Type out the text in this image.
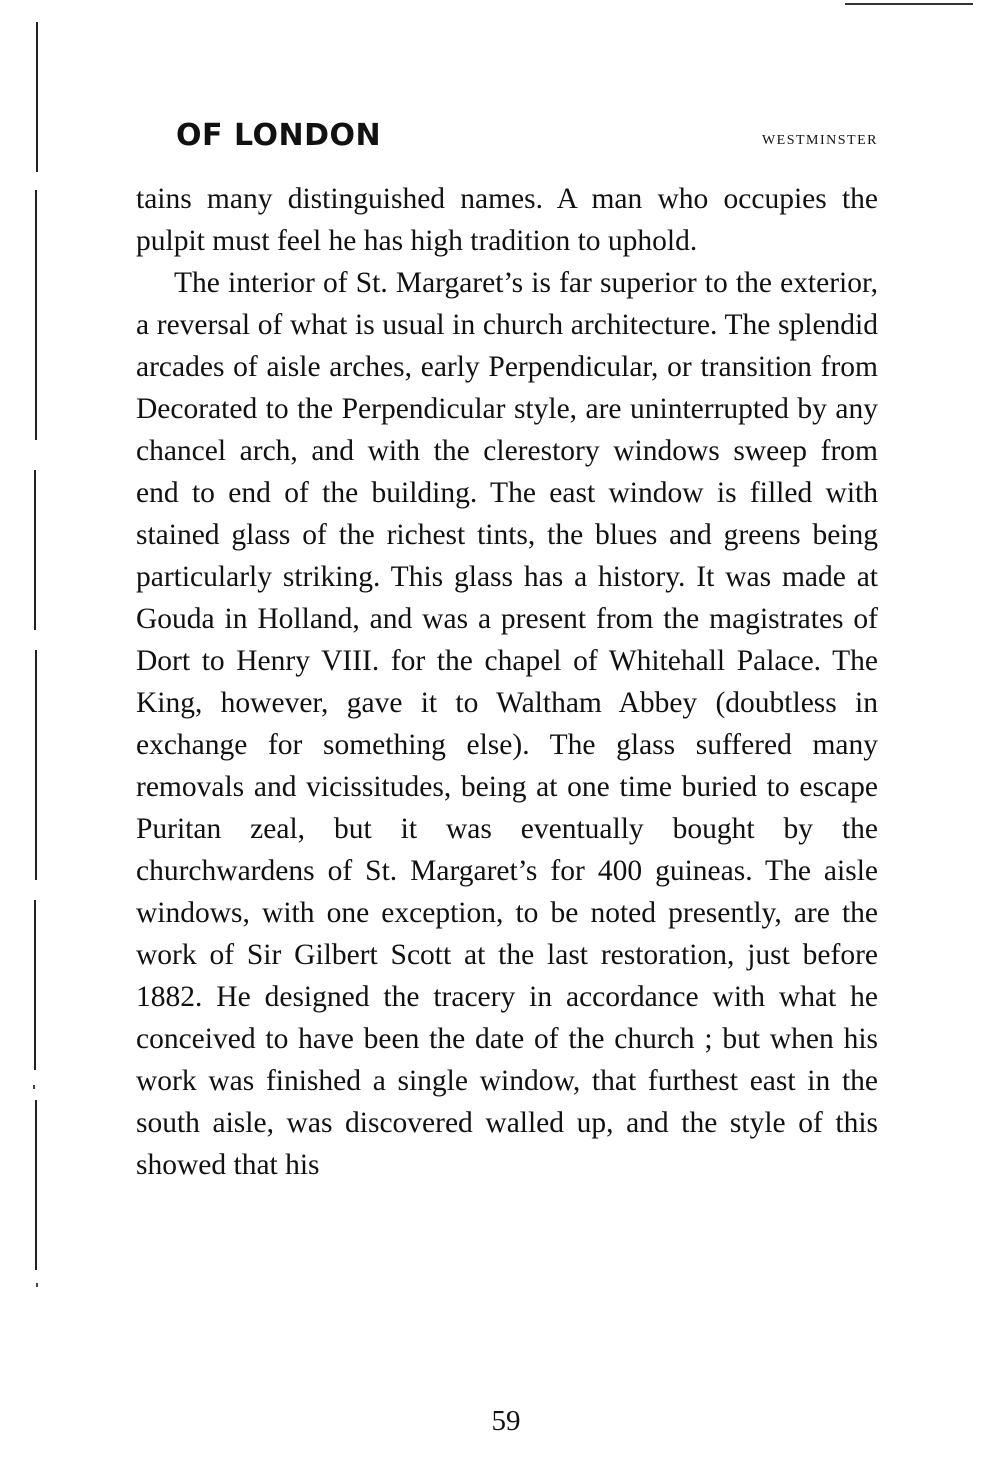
OF LONDON	WESTMINSTER

tains many distinguished names. A man who occupies the pulpit must feel he has high tradition to uphold.

The interior of St. Margaret’s is far superior to the exterior, a reversal of what is usual in church architecture. The splendid arcades of aisle arches, early Perpendicular, or transition from Decorated to the Perpendicular style, are uninterrupted by any chancel arch, and with the clerestory windows sweep from end to end of the building. The east window is filled with stained glass of the richest tints, the blues and greens being particularly striking. This glass has a history. It was made at Gouda in Holland, and was a present from the magistrates of Dort to Henry VIII. for the chapel of Whitehall Palace. The King, however, gave it to Waltham Abbey (doubtless in exchange for something else). The glass suffered many removals and vicissitudes, being at one time buried to escape Puritan zeal, but it was eventually bought by the churchwardens of St. Margaret’s for 400 guineas. The aisle windows, with one exception, to be noted presently, are the work of Sir Gilbert Scott at the last restoration, just before 1882. He designed the tracery in accordance with what he conceived to have been the date of the church ; but when his work was finished a single window, that furthest east in the south aisle, was discovered walled up, and the style of this showed that his

59
